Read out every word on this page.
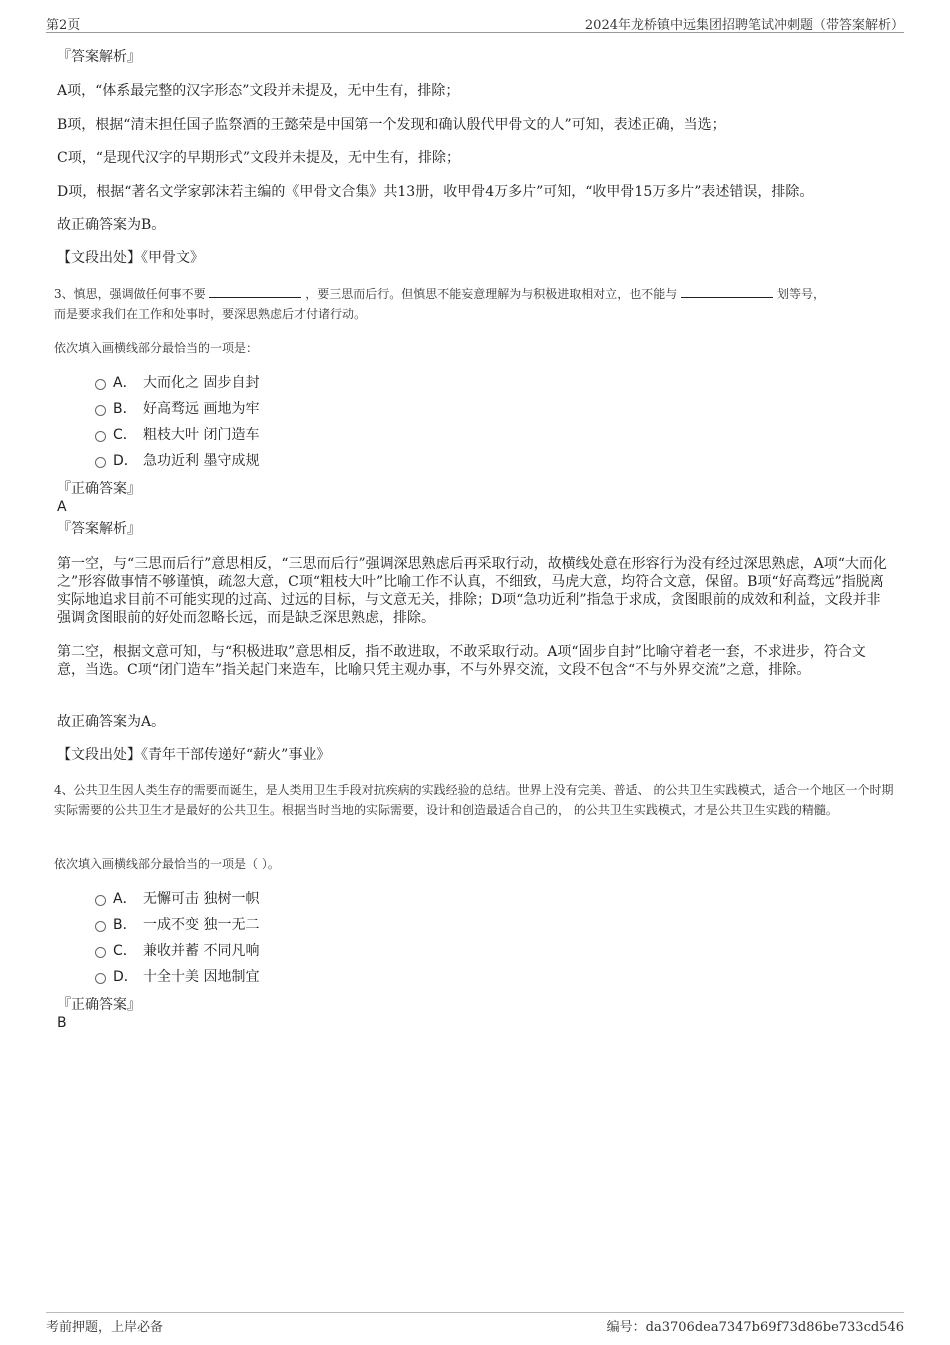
第2页	2024年龙桥镇中远集团招聘笔试冲刺题（带答案解析）
『答案解析』
A项，“体系最完整的汉字形态”文段并未提及，无中生有，排除；
B项，根据“清末担任国子监祭酒的王懿荣是中国第一个发现和确认殷代甲骨文的人”可知，表述正确，当选；
C项，“是现代汉字的早期形式”文段并未提及，无中生有，排除；
D项，根据“著名文学家郭沫若主编的《甲骨文合集》共13册，收甲骨4万多片”可知，“收甲骨15万多片”表述错误，排除。
故正确答案为B。
【文段出处】《甲骨文》

3、慎思，强调做任何事不要	，要三思而后行。但慎思不能妄意理解为与积极进取相对立，也不能与	划等号，
而是要求我们在工作和处事时，要深思熟虑后才付诸行动。

依次填入画横线部分最恰当的一项是：
A． 大而化之 固步自封
B． 好高骛远 画地为牢
C． 粗枝大叶 闭门造车
D． 急功近利 墨守成规
『正确答案』
A
『答案解析』
第一空，与“三思而后行”意思相反，“三思而后行”强调深思熟虑后再采取行动，故横线处意在形容行为没有经过深思熟虑，A项“大而化之”形容做事情不够谨慎，疏忽大意，C项“粗枝大叶”比喻工作不认真，不细致，马虎大意，均符合文意，保留。B项“好高骛远”指脱离实际地追求目前不可能实现的过高、过远的目标，与文意无关，排除；D项“急功近利”指急于求成，贪图眼前的成效和利益，文段并非强调贪图眼前的好处而忽略长远，而是缺乏深思熟虑，排除。
第二空，根据文意可知，与“积极进取”意思相反，指不敢进取，不敢采取行动。A项“固步自封”比喻守着老一套，不求进步，符合文意，当选。C项“闭门造车”指关起门来造车，比喻只凭主观办事，不与外界交流，文段不包含“不与外界交流”之意，排除。
故正确答案为A。
【文段出处】《青年干部传递好“薪火”事业》
4、公共卫生因人类生存的需要而诞生，是人类用卫生手段对抗疾病的实践经验的总结。世界上没有完美、普适、 的公共卫生实践模式，适合一个地区一个时期实际需要的公共卫生才是最好的公共卫生。根据当时当地的实际需要，设计和创造最适合自己的， 的公共卫生实践模式，才是公共卫生实践的精髓。
依次填入画横线部分最恰当的一项是（ ）。
A． 无懈可击 独树一帜
B． 一成不变 独一无二
C． 兼收并蓄 不同凡响
D． 十全十美 因地制宜
『正确答案』
B
考前押题，上岸必备	编号：da3706dea7347b69f73d86be733cd546
